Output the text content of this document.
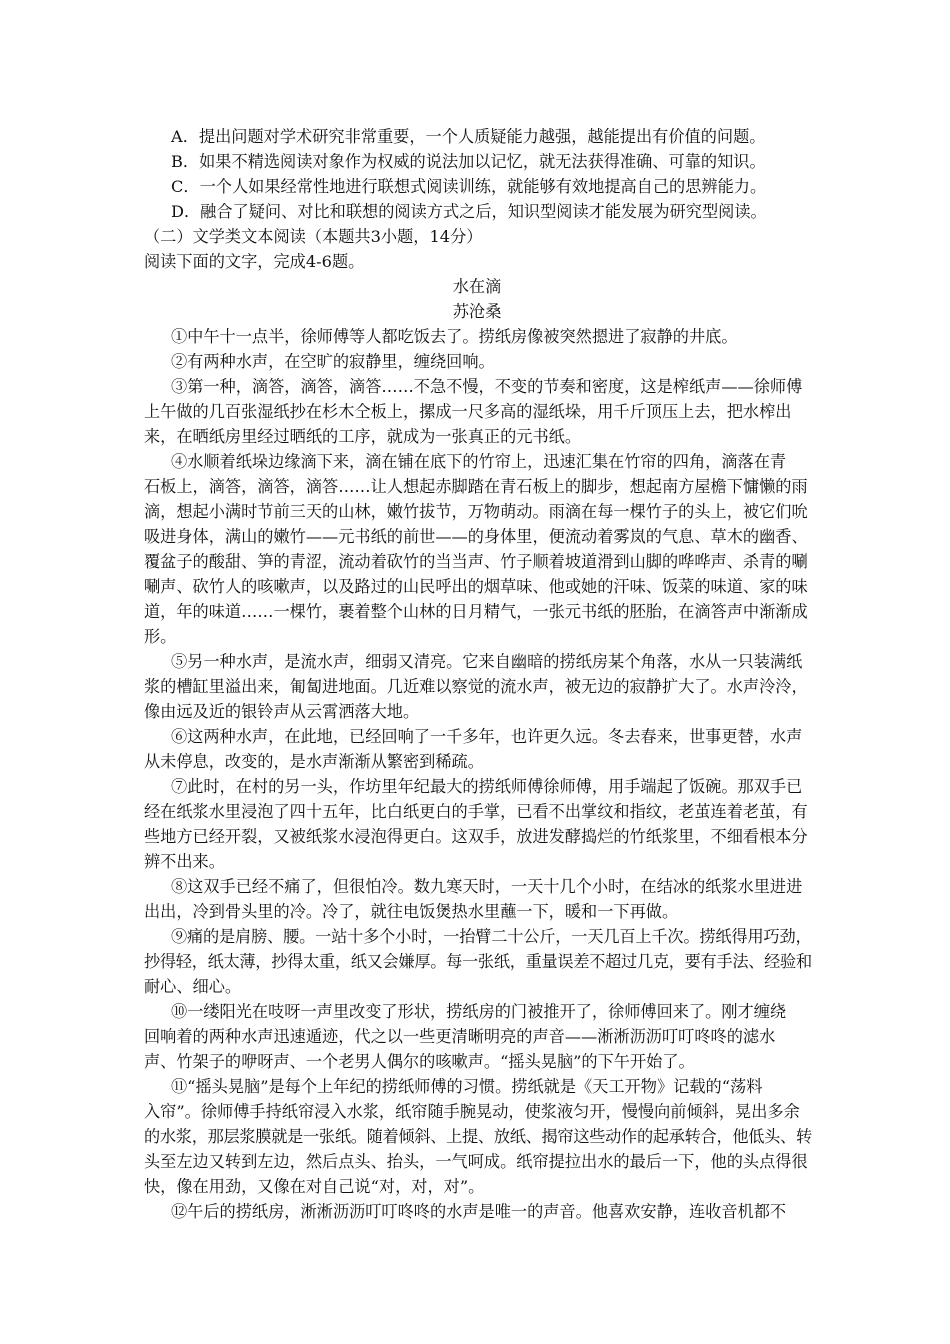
A．提出问题对学术研究非常重要，一个人质疑能力越强，越能提出有价值的问题。
B．如果不精选阅读对象作为权威的说法加以记忆，就无法获得准确、可靠的知识。
C．一个人如果经常性地进行联想式阅读训练，就能够有效地提高自己的思辨能力。
D．融合了疑问、对比和联想的阅读方式之后，知识型阅读才能发展为研究型阅读。
（二）文学类文本阅读（本题共3小题，14分）
阅读下面的文字，完成4-6题。
水在滴
苏沧桑
①中午十一点半，徐师傅等人都吃饭去了。捞纸房像被突然摁进了寂静的井底。
②有两种水声，在空旷的寂静里，缠绕回响。
③第一种，滴答，滴答，滴答……不急不慢，不变的节奏和密度，这是榨纸声——徐师傅
上午做的几百张湿纸抄在杉木仝板上，摞成一尺多高的湿纸垛，用千斤顶压上去，把水榨出
来，在晒纸房里经过晒纸的工序，就成为一张真正的元书纸。
④水顺着纸垛边缘滴下来，滴在铺在底下的竹帘上，迅速汇集在竹帘的四角，滴落在青
石板上，滴答，滴答，滴答……让人想起赤脚踏在青石板上的脚步，想起南方屋檐下慵懒的雨
滴，想起小满时节前三天的山林，嫩竹拔节，万物萌动。雨滴在每一棵竹子的头上，被它们吮
吸进身体，满山的嫩竹——元书纸的前世——的身体里，便流动着雾岚的气息、草木的幽香、
覆盆子的酸甜、笋的青涩，流动着砍竹的当当声、竹子顺着坡道滑到山脚的哗哗声、杀青的唰
唰声、砍竹人的咳嗽声，以及路过的山民呼出的烟草味、他或她的汗味、饭菜的味道、家的味
道，年的味道……一棵竹，裹着整个山林的日月精气，一张元书纸的胚胎，在滴答声中渐渐成
形。
⑤另一种水声，是流水声，细弱又清亮。它来自幽暗的捞纸房某个角落，水从一只装满纸
浆的槽缸里溢出来，匍匐进地面。几近难以察觉的流水声，被无边的寂静扩大了。水声泠泠，
像由远及近的银铃声从云霄洒落大地。
⑥这两种水声，在此地，已经回响了一千多年，也许更久远。冬去春来，世事更替，水声
从未停息，改变的，是水声渐渐从繁密到稀疏。
⑦此时，在村的另一头，作坊里年纪最大的捞纸师傅徐师傅，用手端起了饭碗。那双手已
经在纸浆水里浸泡了四十五年，比白纸更白的手掌，已看不出掌纹和指纹，老茧连着老茧，有
些地方已经开裂，又被纸浆水浸泡得更白。这双手，放进发酵捣烂的竹纸浆里，不细看根本分
辨不出来。
⑧这双手已经不痛了，但很怕冷。数九寒天时，一天十几个小时，在结冰的纸浆水里进进
出出，冷到骨头里的冷。冷了，就往电饭煲热水里蘸一下，暖和一下再做。
⑨痛的是肩膀、腰。一站十多个小时，一抬臂二十公斤，一天几百上千次。捞纸得用巧劲，
抄得轻，纸太薄，抄得太重，纸又会嫌厚。每一张纸，重量误差不超过几克，要有手法、经验和
耐心、细心。
⑩一缕阳光在吱呀一声里改变了形状，捞纸房的门被推开了，徐师傅回来了。刚才缠绕
回响着的两种水声迅速遁迹，代之以一些更清晰明亮的声音——淅淅沥沥叮叮咚咚的滤水
声、竹架子的咿呀声、一个老男人偶尔的咳嗽声。“摇头晃脑”的下午开始了。
⑪“摇头晃脑”是每个上年纪的捞纸师傅的习惯。捞纸就是《天工开物》记载的“荡料
入帘”。徐师傅手持纸帘浸入水浆，纸帘随手腕晃动，使浆液匀开，慢慢向前倾斜，晃出多余
的水浆，那层浆膜就是一张纸。随着倾斜、上提、放纸、揭帘这些动作的起承转合，他低头、转
头至左边又转到左边，然后点头、抬头，一气呵成。纸帘提拉出水的最后一下，他的头点得很
快，像在用劲，又像在对自己说“对，对，对”。
⑫午后的捞纸房，淅淅沥沥叮叮咚咚的水声是唯一的声音。他喜欢安静，连收音机都不
